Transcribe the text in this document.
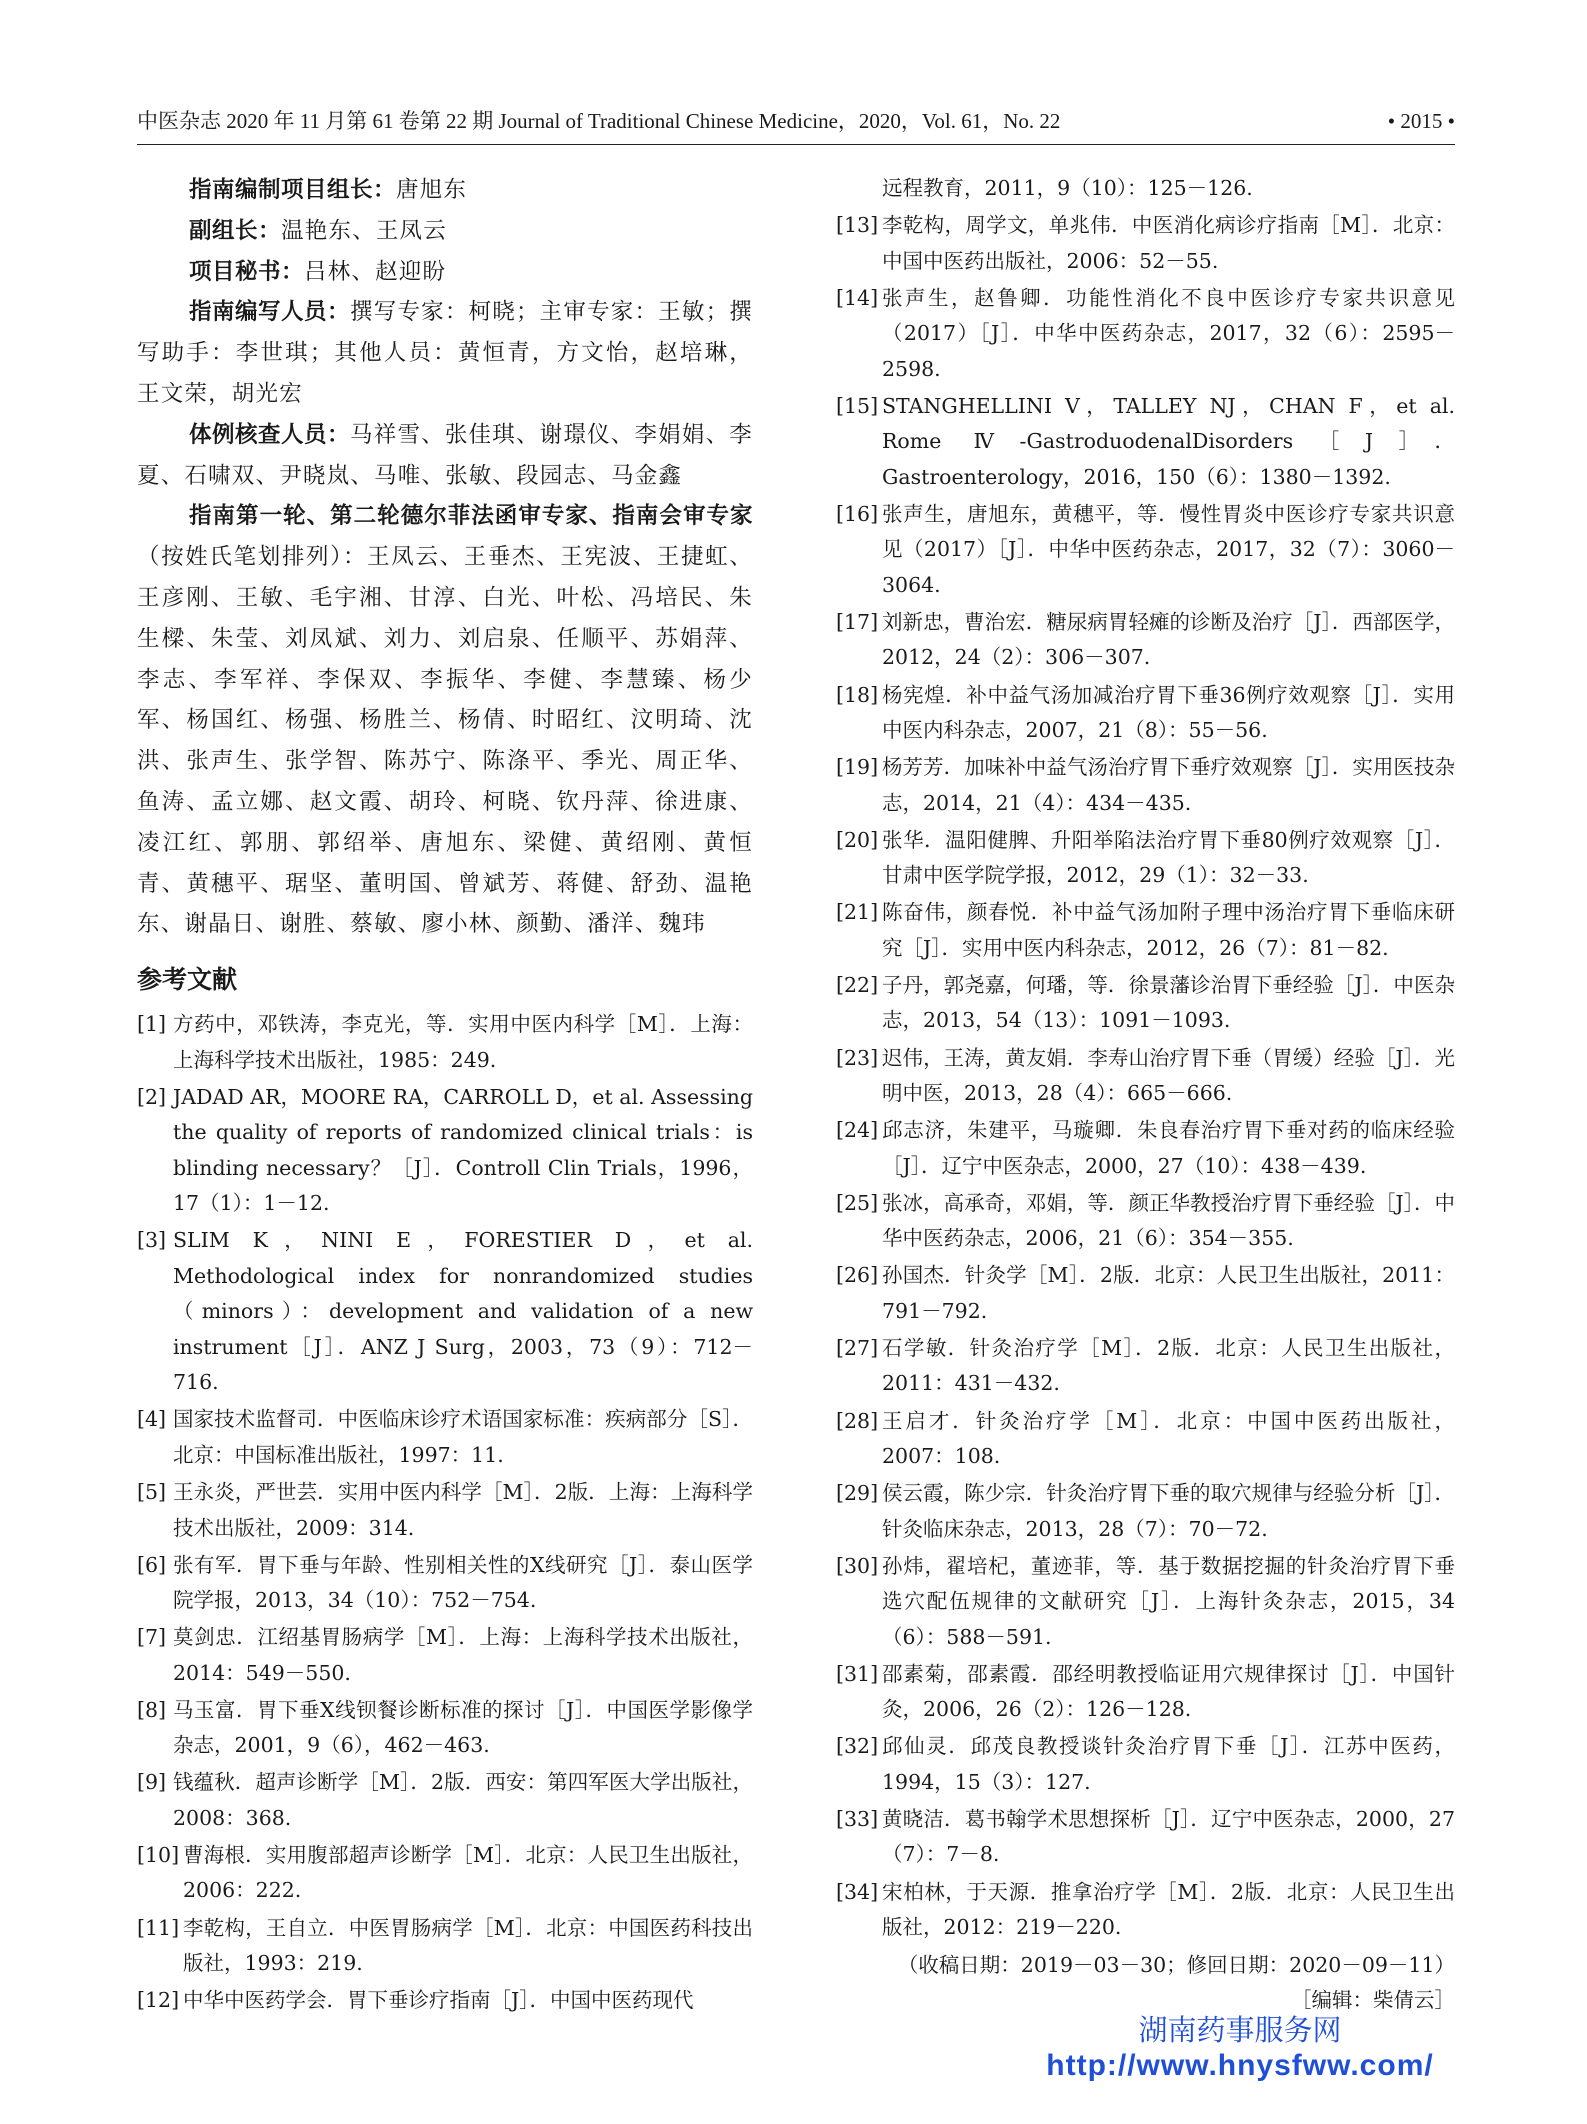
中医杂志 2020 年 11 月第 61 卷第 22 期 Journal of Traditional Chinese Medicine，2020，Vol. 61，No. 22	• 2015 •

指南编制项目组长：唐旭东

副组长：温艳东、王凤云

项目秘书：吕林、赵迎盼

指南编写人员：撰写专家：柯晓；主审专家：王敏；撰写助手：李世琪；其他人员：黄恒青，方文怡，赵培琳，王文荣，胡光宏

体例核查人员：马祥雪、张佳琪、谢璟仪、李娟娟、李夏、石啸双、尹晓岚、马唯、张敏、段园志、马金鑫

指南第一轮、第二轮德尔菲法函审专家、指南会审专家（按姓氏笔划排列）：王凤云、王垂杰、王宪波、王捷虹、王彦刚、王敏、毛宇湘、甘淳、白光、叶松、冯培民、朱生樑、朱莹、刘凤斌、刘力、刘启泉、任顺平、苏娟萍、李志、李军祥、李保双、李振华、李健、李慧臻、杨少军、杨国红、杨强、杨胜兰、杨倩、时昭红、汶明琦、沈洪、张声生、张学智、陈苏宁、陈涤平、季光、周正华、鱼涛、孟立娜、赵文霞、胡玲、柯晓、钦丹萍、徐进康、凌江红、郭朋、郭绍举、唐旭东、梁健、黄绍刚、黄恒青、黄穗平、琚坚、董明国、曾斌芳、蒋健、舒劲、温艳东、谢晶日、谢胜、蔡敏、廖小林、颜勤、潘洋、魏玮

参考文献
[1] 方药中，邓铁涛，李克光，等．实用中医内科学［M］．上海：上海科学技术出版社，1985：249.
[2] JADAD AR，MOORE RA，CARROLL D，et al. Assessing the quality of reports of randomized clinical trials：is blinding necessary？［J］．Controll Clin Trials，1996，17（1）：1－12.
[3] SLIM K，NINI E，FORESTIER D，et al. Methodological index for nonrandomized studies（minors）：development and validation of a new instrument［J］．ANZ J Surg，2003，73（9）：712－716.
[4] 国家技术监督司．中医临床诊疗术语国家标准：疾病部分［S］．北京：中国标准出版社，1997：11.
[5] 王永炎，严世芸．实用中医内科学［M］．2版．上海：上海科学技术出版社，2009：314.
[6] 张有军．胃下垂与年龄、性别相关性的X线研究［J］．泰山医学院学报，2013，34（10）：752－754.
[7] 莫剑忠．江绍基胃肠病学［M］．上海：上海科学技术出版社，2014：549－550.
[8] 马玉富．胃下垂X线钡餐诊断标准的探讨［J］．中国医学影像学杂志，2001，9（6），462－463.
[9] 钱蕴秋．超声诊断学［M］．2版．西安：第四军医大学出版社，2008：368.
[10] 曹海根．实用腹部超声诊断学［M］．北京：人民卫生出版社，2006：222.
[11] 李乾构，王自立．中医胃肠病学［M］．北京：中国医药科技出版社，1993：219.
[12] 中华中医药学会．胃下垂诊疗指南［J］．中国中医药现代
远程教育，2011，9（10）：125－126.
[13] 李乾构，周学文，单兆伟．中医消化病诊疗指南［M］．北京：中国中医药出版社，2006：52－55.
[14] 张声生，赵鲁卿．功能性消化不良中医诊疗专家共识意见（2017）［J］．中华中医药杂志，2017，32（6）：2595－2598.
[15] STANGHELLINI V，TALLEY NJ，CHAN F，et al. Rome Ⅳ-GastroduodenalDisorders［J］．Gastroenterology，2016，150（6）：1380－1392.
[16] 张声生，唐旭东，黄穗平，等．慢性胃炎中医诊疗专家共识意见（2017）［J］．中华中医药杂志，2017，32（7）：3060－3064.
[17] 刘新忠，曹治宏．糖尿病胃轻瘫的诊断及治疗［J］．西部医学，2012，24（2）：306－307.
[18] 杨宪煌．补中益气汤加减治疗胃下垂36例疗效观察［J］．实用中医内科杂志，2007，21（8）：55－56.
[19] 杨芳芳．加味补中益气汤治疗胃下垂疗效观察［J］．实用医技杂志，2014，21（4）：434－435.
[20] 张华．温阳健脾、升阳举陷法治疗胃下垂80例疗效观察［J］．甘肃中医学院学报，2012，29（1）：32－33.
[21] 陈奋伟，颜春悦．补中益气汤加附子理中汤治疗胃下垂临床研究［J］．实用中医内科杂志，2012，26（7）：81－82.
[22] 子丹，郭尧嘉，何璠，等．徐景藩诊治胃下垂经验［J］．中医杂志，2013，54（13）：1091－1093.
[23] 迟伟，王涛，黄友娟．李寿山治疗胃下垂（胃缓）经验［J］．光明中医，2013，28（4）：665－666.
[24] 邱志济，朱建平，马璇卿．朱良春治疗胃下垂对药的临床经验［J］．辽宁中医杂志，2000，27（10）：438－439.
[25] 张冰，高承奇，邓娟，等．颜正华教授治疗胃下垂经验［J］．中华中医药杂志，2006，21（6）：354－355.
[26] 孙国杰．针灸学［M］．2版．北京：人民卫生出版社，2011：791－792.
[27] 石学敏．针灸治疗学［M］．2版．北京：人民卫生出版社，2011：431－432.
[28] 王启才．针灸治疗学［M］．北京：中国中医药出版社，2007：108.
[29] 侯云霞，陈少宗．针灸治疗胃下垂的取穴规律与经验分析［J］．针灸临床杂志，2013，28（7）：70－72.
[30] 孙炜，翟培杞，董迹菲，等．基于数据挖掘的针灸治疗胃下垂选穴配伍规律的文献研究［J］．上海针灸杂志，2015，34（6）：588－591.
[31] 邵素菊，邵素霞．邵经明教授临证用穴规律探讨［J］．中国针灸，2006，26（2）：126－128.
[32] 邱仙灵．邱茂良教授谈针灸治疗胃下垂［J］．江苏中医药，1994，15（3）：127.
[33] 黄晓洁．葛书翰学术思想探析［J］．辽宁中医杂志，2000，27（7）：7－8.
[34] 宋柏林，于天源．推拿治疗学［M］．2版．北京：人民卫生出版社，2012：219－220.
（收稿日期：2019－03－30；修回日期：2020－09－11）
［编辑：柴倩云］
湖南药事服务网
http://www.hnysfww.com/
